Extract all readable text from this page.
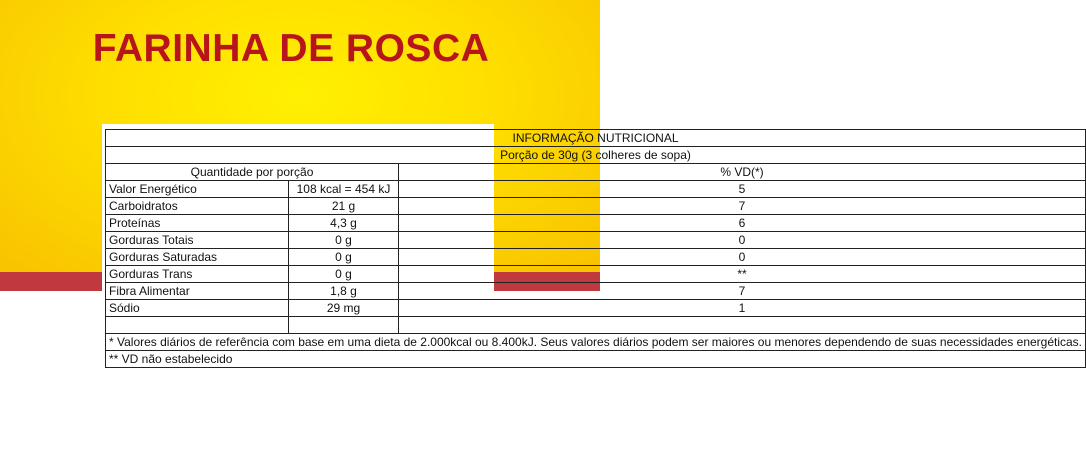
FARINHA DE ROSCA
INFORMAÇÃO NUTRICIONAL		
Porção de 30g (3 colheres de sopa)		
Quantidade por porção		% VD(*)
Valor Energético	108 kcal = 454 kJ	5
Carboidratos	21 g	7
Proteínas	4,3 g	6
Gorduras Totais	0 g	0
Gorduras Saturadas	0 g	0
Gorduras Trans	0 g	**
Fibra Alimentar	1,8 g	7
Sódio	29 mg	1

* Valores diários de referência com base em uma dieta de 2.000kcal ou 8.400kJ. Seus valores diários podem ser maiores ou menores dependendo de suas necessidades energéticas.		
** VD não estabelecido		
